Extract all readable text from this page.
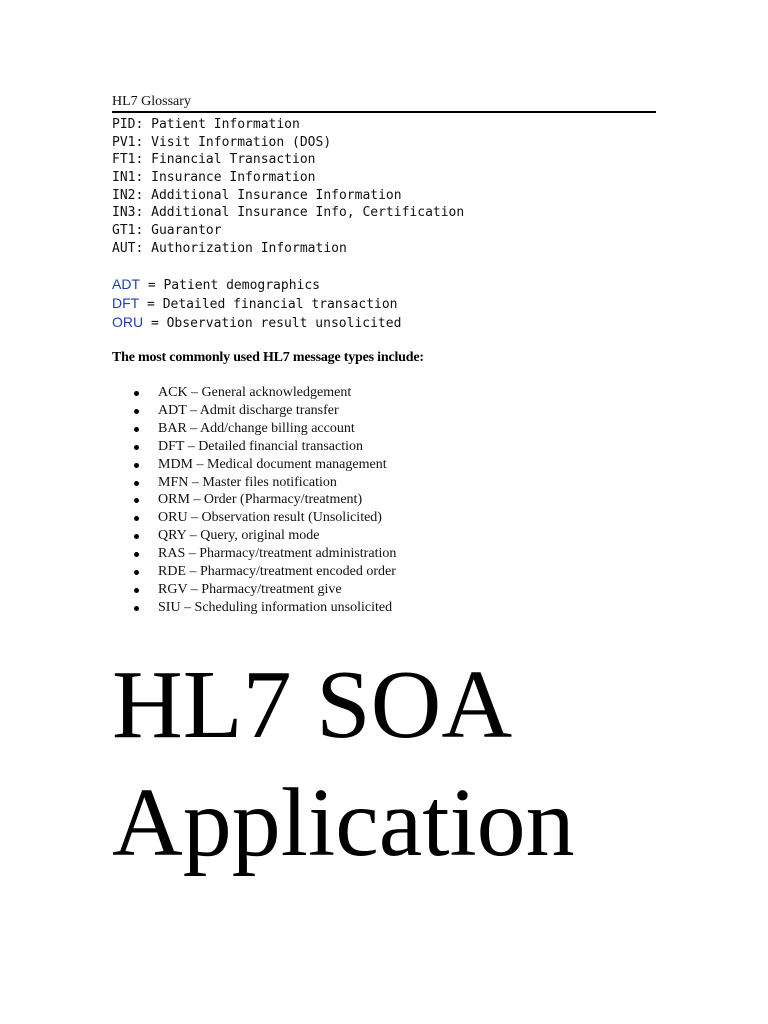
HL7 Glossary
PID: Patient Information
PV1: Visit Information (DOS)
FT1: Financial Transaction
IN1: Insurance Information
IN2: Additional Insurance Information
IN3: Additional Insurance Info, Certification
GT1: Guarantor
AUT: Authorization Information
ADT = Patient demographics
DFT = Detailed financial transaction
ORU = Observation result unsolicited
The most commonly used HL7 message types include:
ACK – General acknowledgement
ADT – Admit discharge transfer
BAR – Add/change billing account
DFT – Detailed financial transaction
MDM – Medical document management
MFN – Master files notification
ORM – Order (Pharmacy/treatment)
ORU – Observation result (Unsolicited)
QRY – Query, original mode
RAS – Pharmacy/treatment administration
RDE – Pharmacy/treatment encoded order
RGV – Pharmacy/treatment give
SIU – Scheduling information unsolicited
HL7 SOA
Application
